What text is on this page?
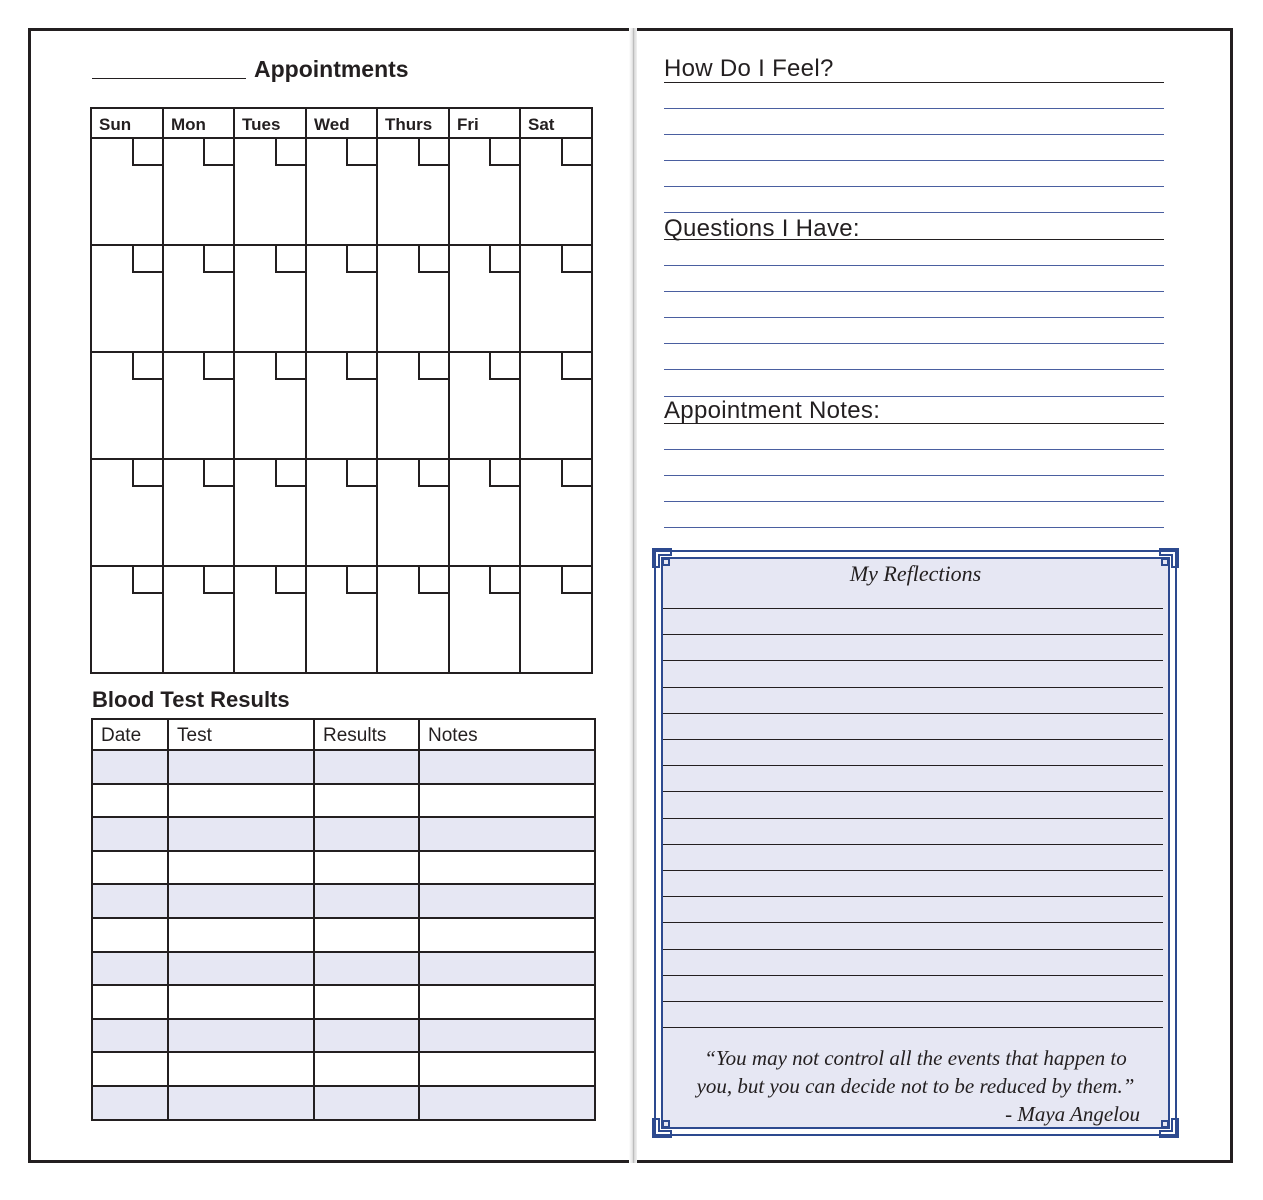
Appointments
Sun	Mon	Tues	Wed	Thurs	Fri	Sat

Blood Test Results
Date	Test	Results	Notes

How Do I Feel?
Questions I Have:
Appointment Notes:
My Reflections
“You may not control all the events that happen to
you, but you can decide not to be reduced by them.”
- Maya Angelou
